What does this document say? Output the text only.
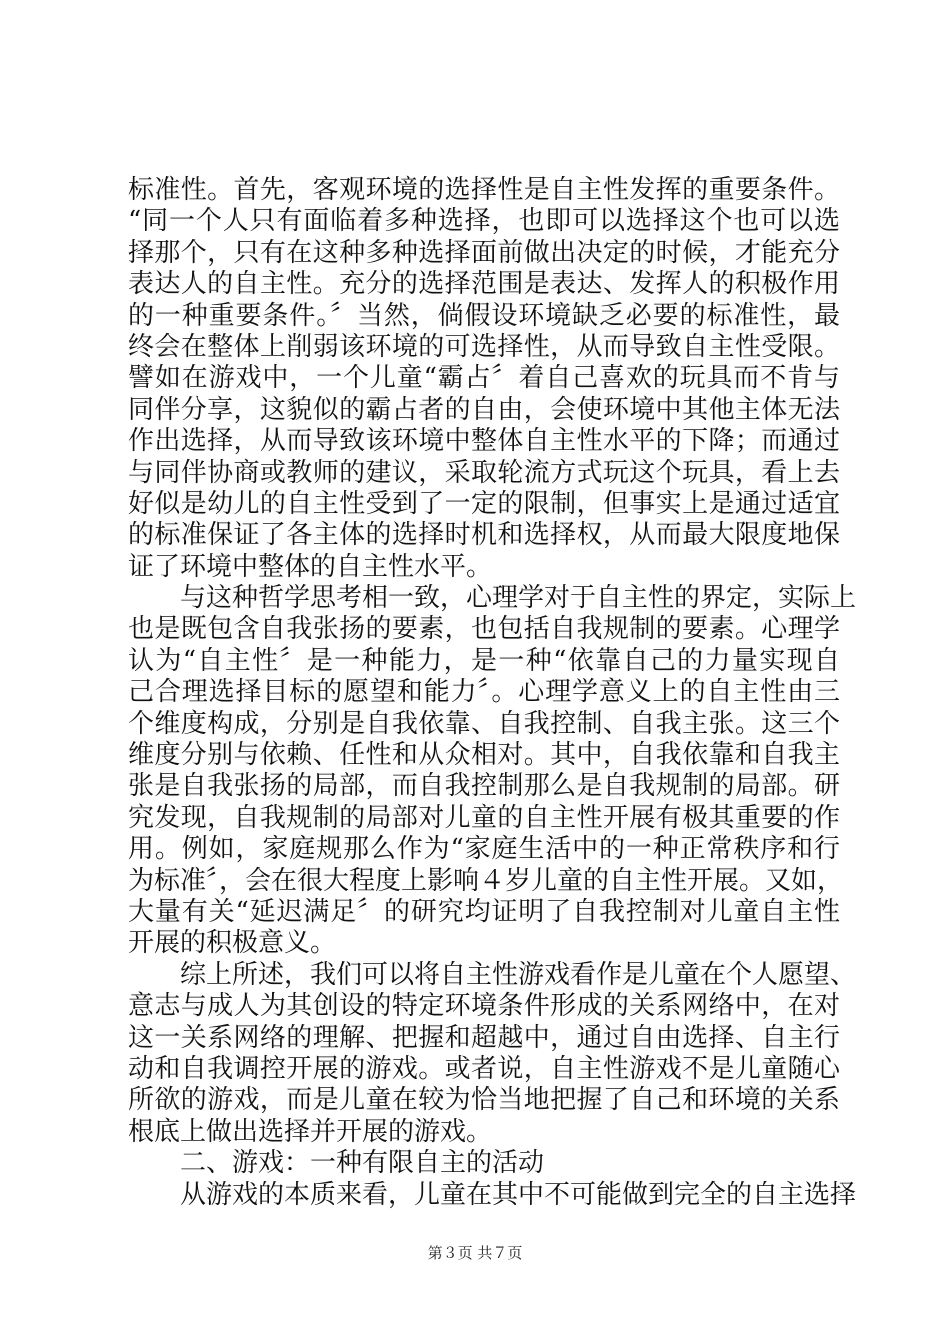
标准性。首先，客观环境的选择性是自主性发挥的重要条件。
“同一个人只有面临着多种选择，也即可以选择这个也可以选
择那个，只有在这种多种选择面前做出决定的时候，才能充分
表达人的自主性。充分的选择范围是表达、发挥人的积极作用
的一种重要条件。〞当然，倘假设环境缺乏必要的标准性，最
终会在整体上削弱该环境的可选择性，从而导致自主性受限。
譬如在游戏中，一个儿童“霸占〞着自己喜欢的玩具而不肯与
同伴分享，这貌似的霸占者的自由，会使环境中其他主体无法
作出选择，从而导致该环境中整体自主性水平的下降；而通过
与同伴协商或教师的建议，采取轮流方式玩这个玩具，看上去
好似是幼儿的自主性受到了一定的限制，但事实上是通过适宜
的标准保证了各主体的选择时机和选择权，从而最大限度地保
证了环境中整体的自主性水平。
与这种哲学思考相一致，心理学对于自主性的界定，实际上
也是既包含自我张扬的要素，也包括自我规制的要素。心理学
认为“自主性〞是一种能力，是一种“依靠自己的力量实现自
己合理选择目标的愿望和能力〞。心理学意义上的自主性由三
个维度构成，分别是自我依靠、自我控制、自我主张。这三个
维度分别与依赖、任性和从众相对。其中，自我依靠和自我主
张是自我张扬的局部，而自我控制那么是自我规制的局部。研
究发现，自我规制的局部对儿童的自主性开展有极其重要的作
用。例如，家庭规那么作为“家庭生活中的一种正常秩序和行
为标准〞，会在很大程度上影响４岁儿童的自主性开展。又如，
大量有关“延迟满足〞的研究均证明了自我控制对儿童自主性
开展的积极意义。
综上所述，我们可以将自主性游戏看作是儿童在个人愿望、
意志与成人为其创设的特定环境条件形成的关系网络中，在对
这一关系网络的理解、把握和超越中，通过自由选择、自主行
动和自我调控开展的游戏。或者说，自主性游戏不是儿童随心
所欲的游戏，而是儿童在较为恰当地把握了自己和环境的关系
根底上做出选择并开展的游戏。
二、游戏：一种有限自主的活动
从游戏的本质来看，儿童在其中不可能做到完全的自主选择
第３页 共７页
